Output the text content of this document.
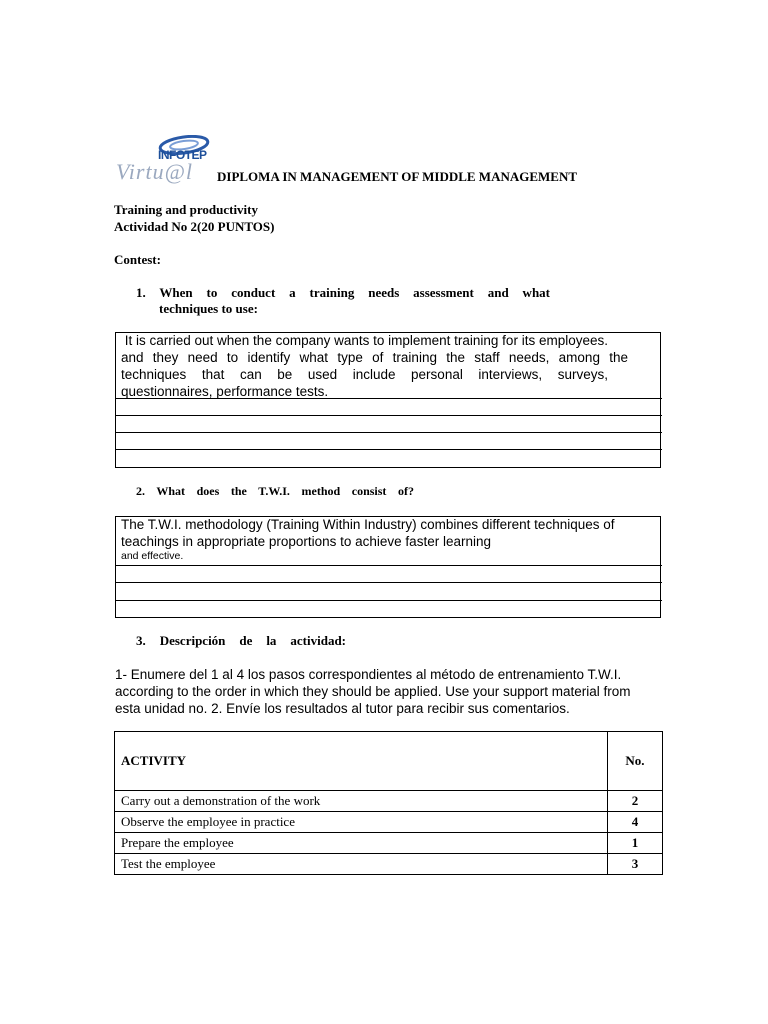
INFOTEP
Virtu@l DIPLOMA IN MANAGEMENT OF MIDDLE MANAGEMENT
Training and productivity
Actividad No 2(20 PUNTOS)
Contest:
1. When to conduct a training needs assessment and what
techniques to use:
It is carried out when the company wants to implement training for its employees.
and they need to identify what type of training the staff needs, among the
techniques that can be used include personal interviews, surveys,
questionnaires, performance tests.
2. What does the T.W.I. method consist of?
The T.W.I. methodology (Training Within Industry) combines different techniques of
teachings in appropriate proportions to achieve faster learning
and effective.
3. Descripción de la actividad:
1- Enumere del 1 al 4 los pasos correspondientes al método de entrenamiento T.W.I.
according to the order in which they should be applied. Use your support material from
esta unidad no. 2. Envíe los resultados al tutor para recibir sus comentarios.
ACTIVITY	No.
Carry out a demonstration of the work	2
Observe the employee in practice	4
Prepare the employee	1
Test the employee	3
